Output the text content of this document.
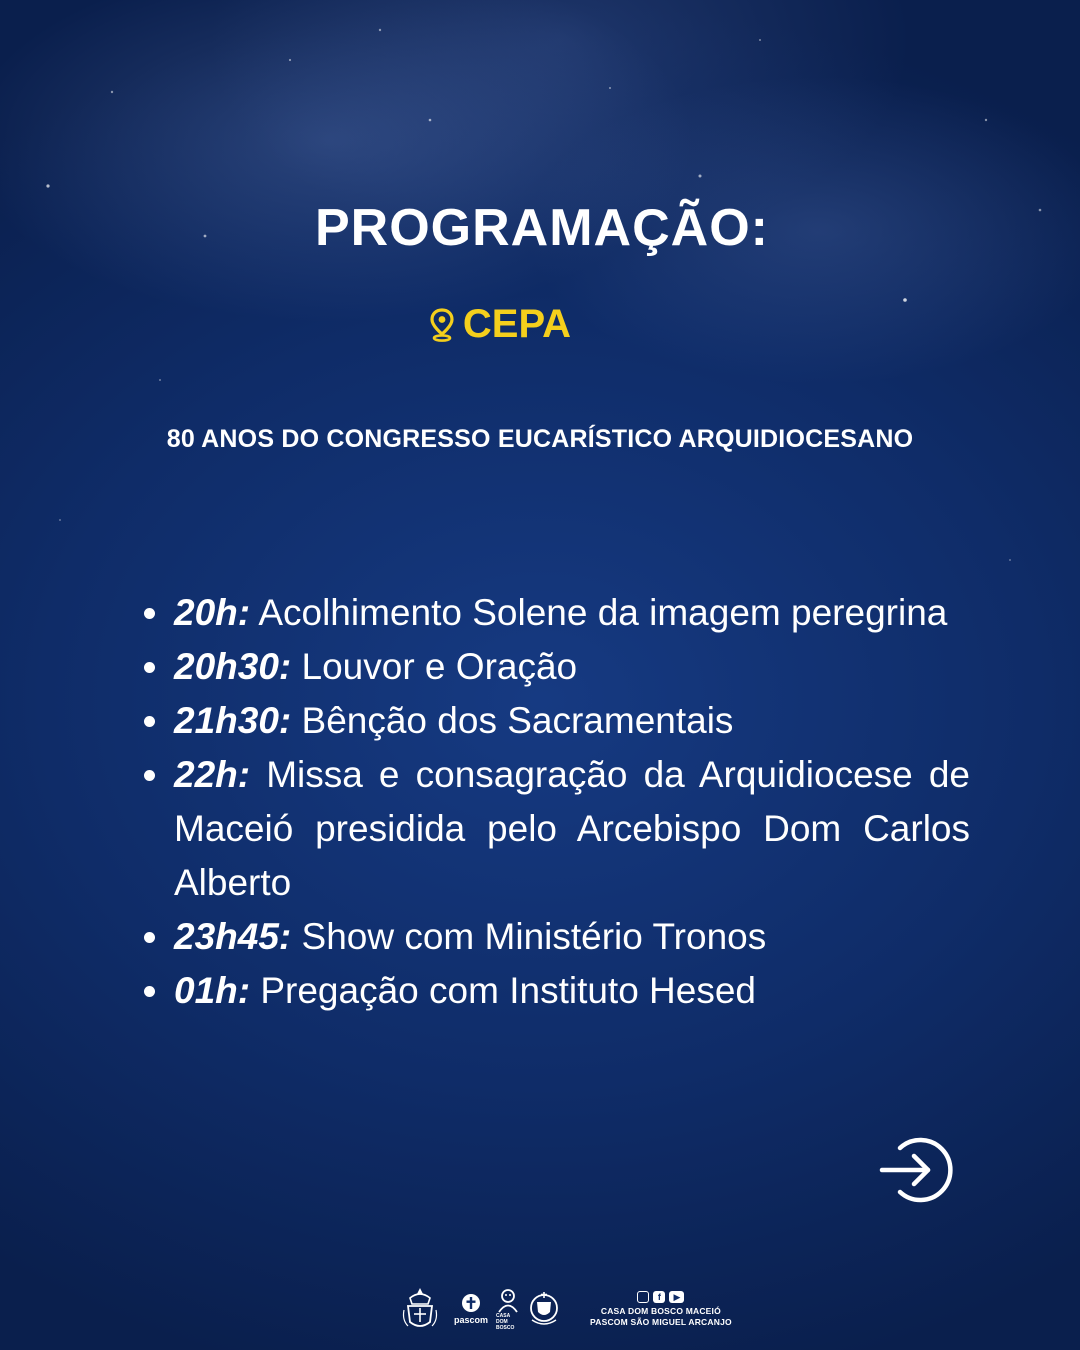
PROGRAMAÇÃO:
CEPA
80 ANOS DO CONGRESSO EUCARÍSTICO ARQUIDIOCESANO
20h: Acolhimento Solene da imagem peregrina
20h30: Louvor e Oração
21h30: Bênção dos Sacramentais
22h: Missa e consagração da Arquidiocese de Maceió presidida pelo Arcebispo Dom Carlos Alberto
23h45: Show com Ministério Tronos
01h: Pregação com Instituto Hesed
pascom CASA DOM BOSCO
f	▶
CASA DOM BOSCO MACEIÓ
PASCOM SÃO MIGUEL ARCANJO
